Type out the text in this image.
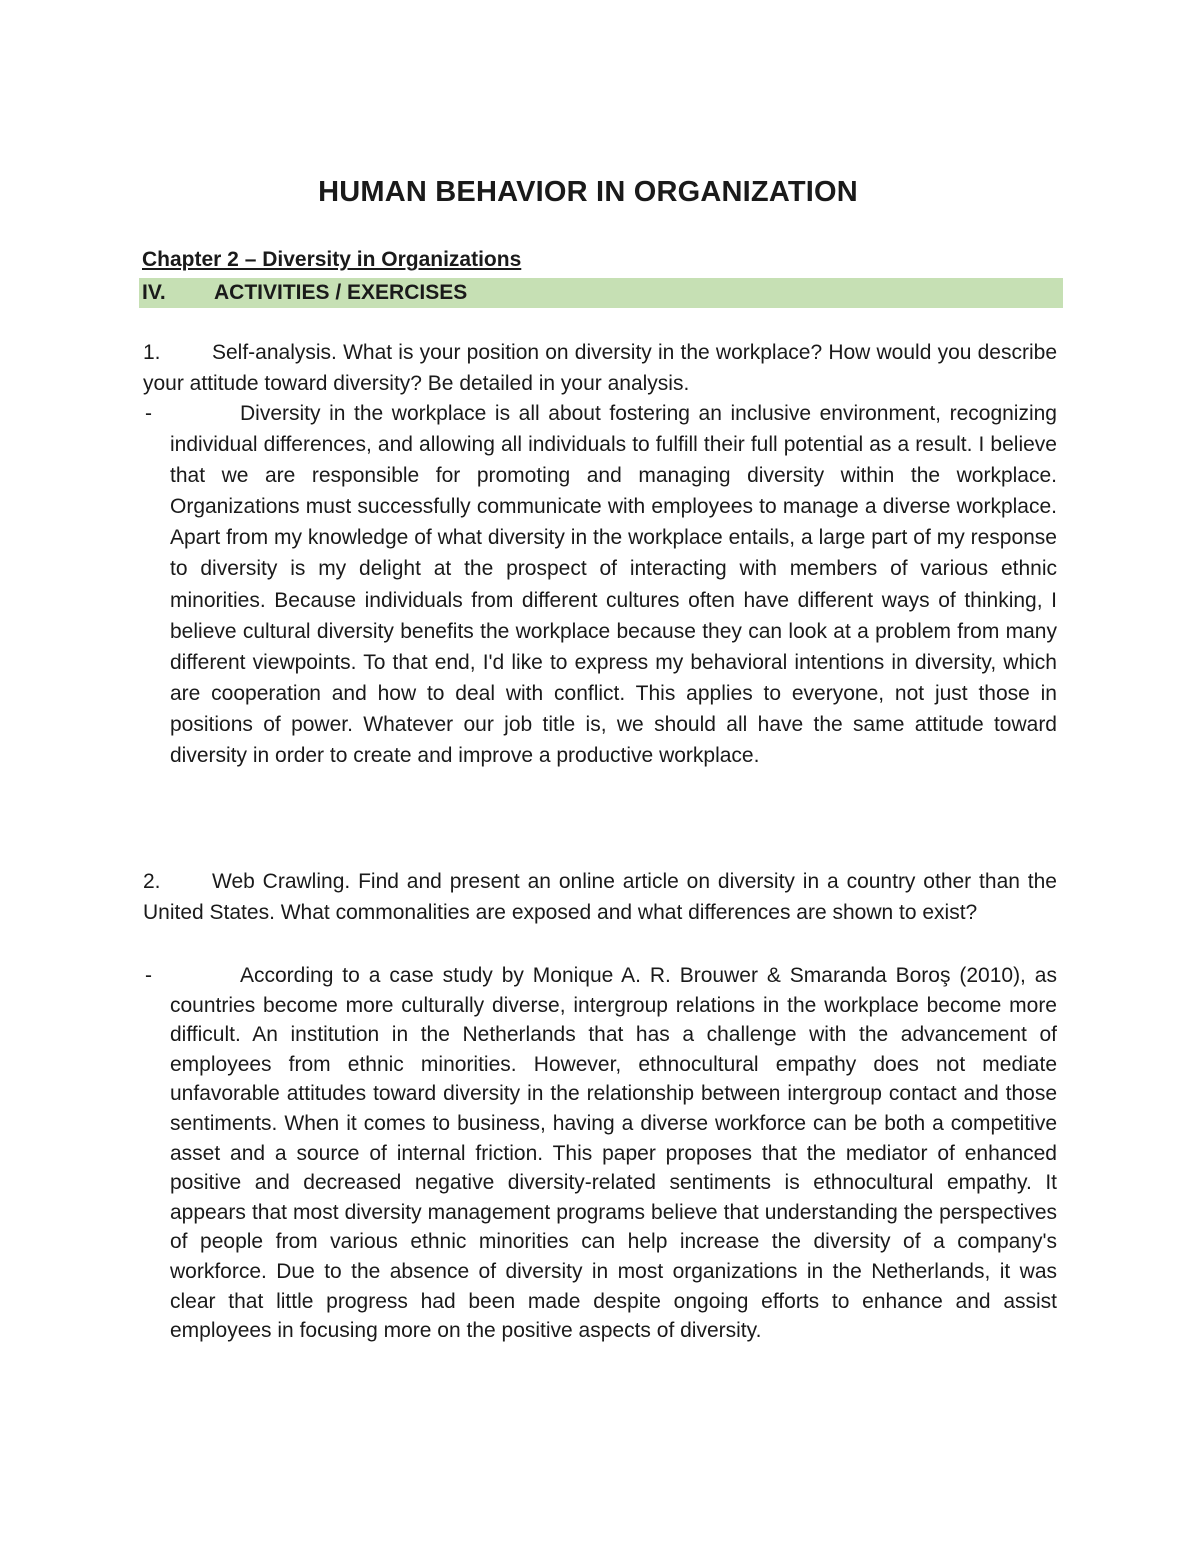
HUMAN BEHAVIOR IN ORGANIZATION
Chapter 2 – Diversity in Organizations
IV. ACTIVITIES / EXERCISES
1. Self-analysis. What is your position on diversity in the workplace? How would you describe your attitude toward diversity? Be detailed in your analysis.
-	Diversity in the workplace is all about fostering an inclusive environment, recognizing individual differences, and allowing all individuals to fulfill their full potential as a result. I believe that we are responsible for promoting and managing diversity within the workplace. Organizations must successfully communicate with employees to manage a diverse workplace. Apart from my knowledge of what diversity in the workplace entails, a large part of my response to diversity is my delight at the prospect of interacting with members of various ethnic minorities. Because individuals from different cultures often have different ways of thinking, I believe cultural diversity benefits the workplace because they can look at a problem from many different viewpoints. To that end, I'd like to express my behavioral intentions in diversity, which are cooperation and how to deal with conflict. This applies to everyone, not just those in positions of power. Whatever our job title is, we should all have the same attitude toward diversity in order to create and improve a productive workplace.
2. Web Crawling. Find and present an online article on diversity in a country other than the United States. What commonalities are exposed and what differences are shown to exist?
-	According to a case study by Monique A. R. Brouwer & Smaranda Boroş (2010), as countries become more culturally diverse, intergroup relations in the workplace become more difficult. An institution in the Netherlands that has a challenge with the advancement of employees from ethnic minorities. However, ethnocultural empathy does not mediate unfavorable attitudes toward diversity in the relationship between intergroup contact and those sentiments. When it comes to business, having a diverse workforce can be both a competitive asset and a source of internal friction. This paper proposes that the mediator of enhanced positive and decreased negative diversity-related sentiments is ethnocultural empathy. It appears that most diversity management programs believe that understanding the perspectives of people from various ethnic minorities can help increase the diversity of a company's workforce. Due to the absence of diversity in most organizations in the Netherlands, it was clear that little progress had been made despite ongoing efforts to enhance and assist employees in focusing more on the positive aspects of diversity.
